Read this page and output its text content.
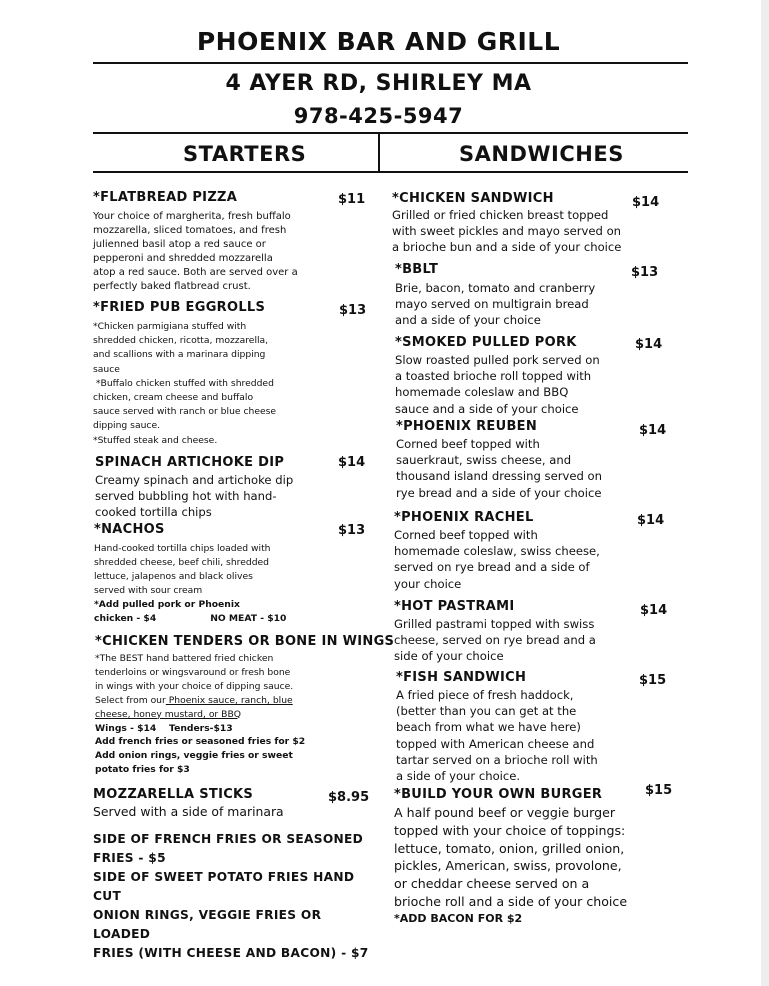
PHOENIX BAR AND GRILL
4 AYER RD, SHIRLEY MA
978-425-5947
STARTERS	SANDWICHES
*FLATBREAD PIZZA

Your choice of margherita, fresh buffalo

mozzarella, sliced tomatoes, and fresh

julienned basil atop a red sauce or

pepperoni and shredded mozzarella

atop a red sauce. Both are served over a

perfectly baked flatbread crust.

$11
*FRIED PUB EGGROLLS

*Chicken parmigiana stuffed with

shredded chicken, ricotta, mozzarella,

and scallions with a marinara dipping

sauce

*Buffalo chicken stuffed with shredded

chicken, cream cheese and buffalo

sauce served with ranch or blue cheese

dipping sauce.

*Stuffed steak and cheese.

$13
SPINACH ARTICHOKE DIP

Creamy spinach and artichoke dip

served bubbling hot with hand-

cooked tortilla chips

$14
*NACHOS

Hand-cooked tortilla chips loaded with

shredded cheese, beef chili, shredded

lettuce, jalapenos and black olives

served with sour cream

*Add pulled pork or Phoenix

chicken - $4	NO MEAT - $10

$13
*CHICKEN TENDERS OR BONE IN WINGS

*The BEST hand battered fried chicken

tenderloins or wingsvaround or fresh bone

in wings with your choice of dipping sauce.

Select from our Phoenix sauce, ranch, blue

cheese, honey mustard, or BBQ

Wings - $14    Tenders-$13

Add french fries or seasoned fries for $2

Add onion rings, veggie fries or sweet

potato fries for $3

MOZZARELLA STICKS

Served with a side of marinara

$8.95

SIDE OF FRENCH FRIES OR SEASONED

FRIES - $5

SIDE OF SWEET POTATO FRIES HAND CUT

ONION RINGS, VEGGIE FRIES OR LOADED

FRIES (WITH CHEESE AND BACON) - $7

*CHICKEN SANDWICH

Grilled or fried chicken breast topped

with sweet pickles and mayo served on

a brioche bun and a side of your choice

$14
*BBLT

Brie, bacon, tomato and cranberry

mayo served on multigrain bread

and a side of your choice

$13
*SMOKED PULLED PORK

Slow roasted pulled pork served on

a toasted brioche roll topped with

homemade coleslaw and BBQ

sauce and a side of your choice

$14
*PHOENIX REUBEN

Corned beef topped with

sauerkraut, swiss cheese, and

thousand island dressing served on

rye bread and a side of your choice

$14
*PHOENIX RACHEL

Corned beef topped with

homemade coleslaw, swiss cheese,

served on rye bread and a side of

your choice

$14
*HOT PASTRAMI

Grilled pastrami topped with swiss

cheese, served on rye bread and a

side of your choice

$14
*FISH SANDWICH

A fried piece of fresh haddock,

(better than you can get at the

beach from what we have here)

topped with American cheese and

tartar served on a brioche roll with

a side of your choice.

$15
*BUILD YOUR OWN BURGER

A half pound beef or veggie burger

topped with your choice of toppings:

lettuce, tomato, onion, grilled onion,

pickles, American, swiss, provolone,

or cheddar cheese served on a

brioche roll and a side of your choice

*ADD BACON FOR $2
$15
